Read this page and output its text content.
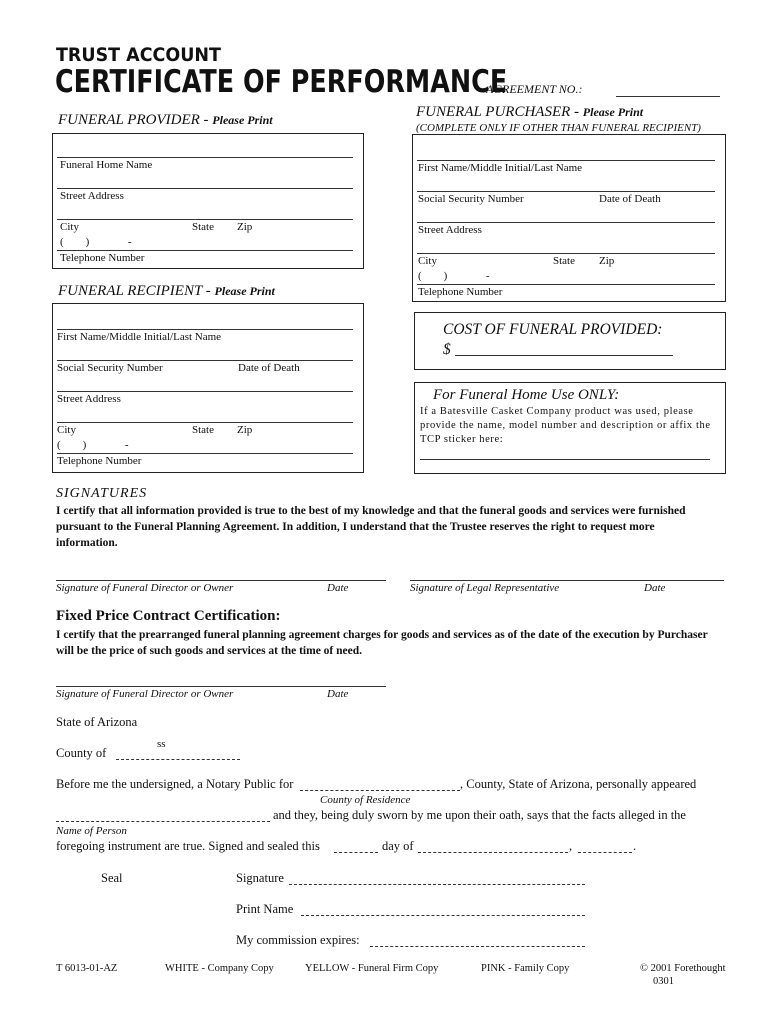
TRUST ACCOUNT
CERTIFICATE OF PERFORMANCE
AGREEMENT NO.:
FUNERAL PROVIDER - Please Print
Funeral Home Name
Street Address
City	State Zip
(        )              -
Telephone Number
FUNERAL PURCHASER - Please Print
(COMPLETE ONLY IF OTHER THAN FUNERAL RECIPIENT)
First Name/Middle Initial/Last Name
Social Security Number	Date of Death
Street Address
City	State Zip
(        )              -
Telephone Number
FUNERAL RECIPIENT - Please Print
First Name/Middle Initial/Last Name
Social Security Number	Date of Death
Street Address
City	State Zip
(        )              -
Telephone Number
COST OF FUNERAL PROVIDED:
$
For Funeral Home Use ONLY:
If a Batesville Casket Company product was used, please provide the name, model number and description or affix the TCP sticker here:
SIGNATURES
I certify that all information provided is true to the best of my knowledge and that the funeral goods and services were furnished pursuant to the Funeral Planning Agreement. In addition, I understand that the Trustee reserves the right to request more information.
Signature of Funeral Director or Owner	Date	Signature of Legal Representative	Date
Fixed Price Contract Certification:
I certify that the prearranged funeral planning agreement charges for goods and services as of the date of the execution by Purchaser will be the price of such goods and services at the time of need.
Signature of Funeral Director or Owner	Date
State of Arizona
ss
County of
Before me the undersigned, a Notary Public for	, County, State of Arizona, personally appeared
County of Residence
and they, being duly sworn by me upon their oath, says that the facts alleged in the
Name of Person
foregoing instrument are true. Signed and sealed this	day of	,	.
Seal	Signature
Print Name
My commission expires:
T 6013-01-AZ	WHITE - Company Copy	YELLOW - Funeral Firm Copy	PINK - Family Copy	© 2001 Forethought
0301
